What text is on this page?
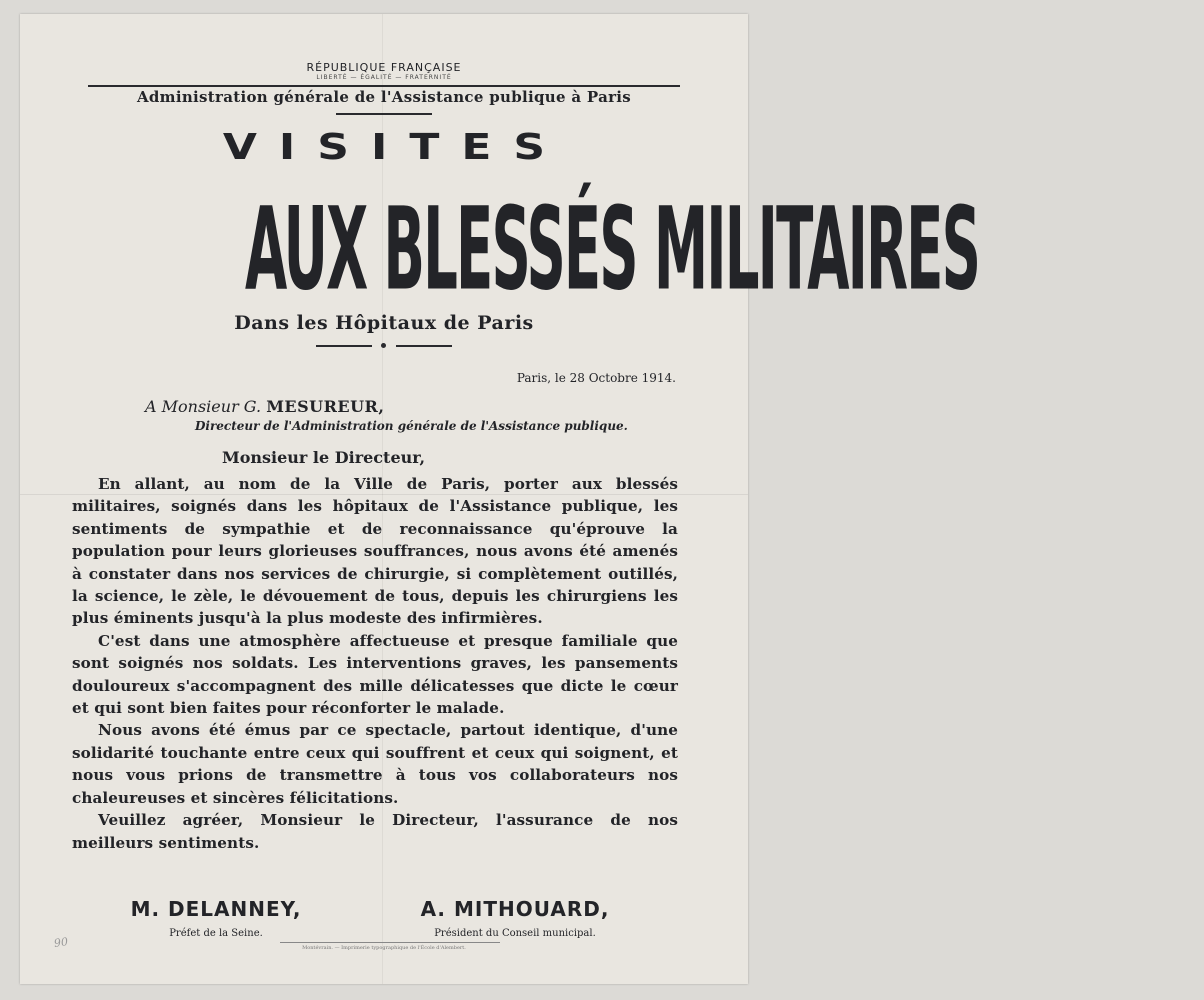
RÉPUBLIQUE FRANÇAISE
LIBERTÉ — ÉGALITÉ — FRATERNITÉ
Administration générale de l'Assistance publique à Paris
VISITES
AUX BLESSÉS MILITAIRES
Dans les Hôpitaux de Paris
Paris, le 28 Octobre 1914.
A Monsieur G. MESUREUR,
Directeur de l'Administration générale de l'Assistance publique.
Monsieur le Directeur,

En allant, au nom de la Ville de Paris, porter aux blessés militaires, soignés dans les hôpitaux de l'Assistance publique, les sentiments de sympathie et de reconnaissance qu'éprouve la population pour leurs glorieuses souffrances, nous avons été amenés à constater dans nos services de chirurgie, si complètement outillés, la science, le zèle, le dévouement de tous, depuis les chirurgiens les plus éminents jusqu'à la plus modeste des infirmières.

C'est dans une atmosphère affectueuse et presque familiale que sont soignés nos soldats. Les interventions graves, les pansements douloureux s'accompagnent des mille délicatesses que dicte le cœur et qui sont bien faites pour réconforter le malade.

Nous avons été émus par ce spectacle, partout identique, d'une solidarité touchante entre ceux qui souffrent et ceux qui soignent, et nous vous prions de transmettre à tous vos collaborateurs nos chaleureuses et sincères félicitations.

Veuillez agréer, Monsieur le Directeur, l'assurance de nos meilleurs sentiments.

M. DELANNEY,
Préfet de la Seine.
A. MITHOUARD,
Président du Conseil municipal.
Montévrain. — Imprimerie typographique de l'École d'Alembert.
90
